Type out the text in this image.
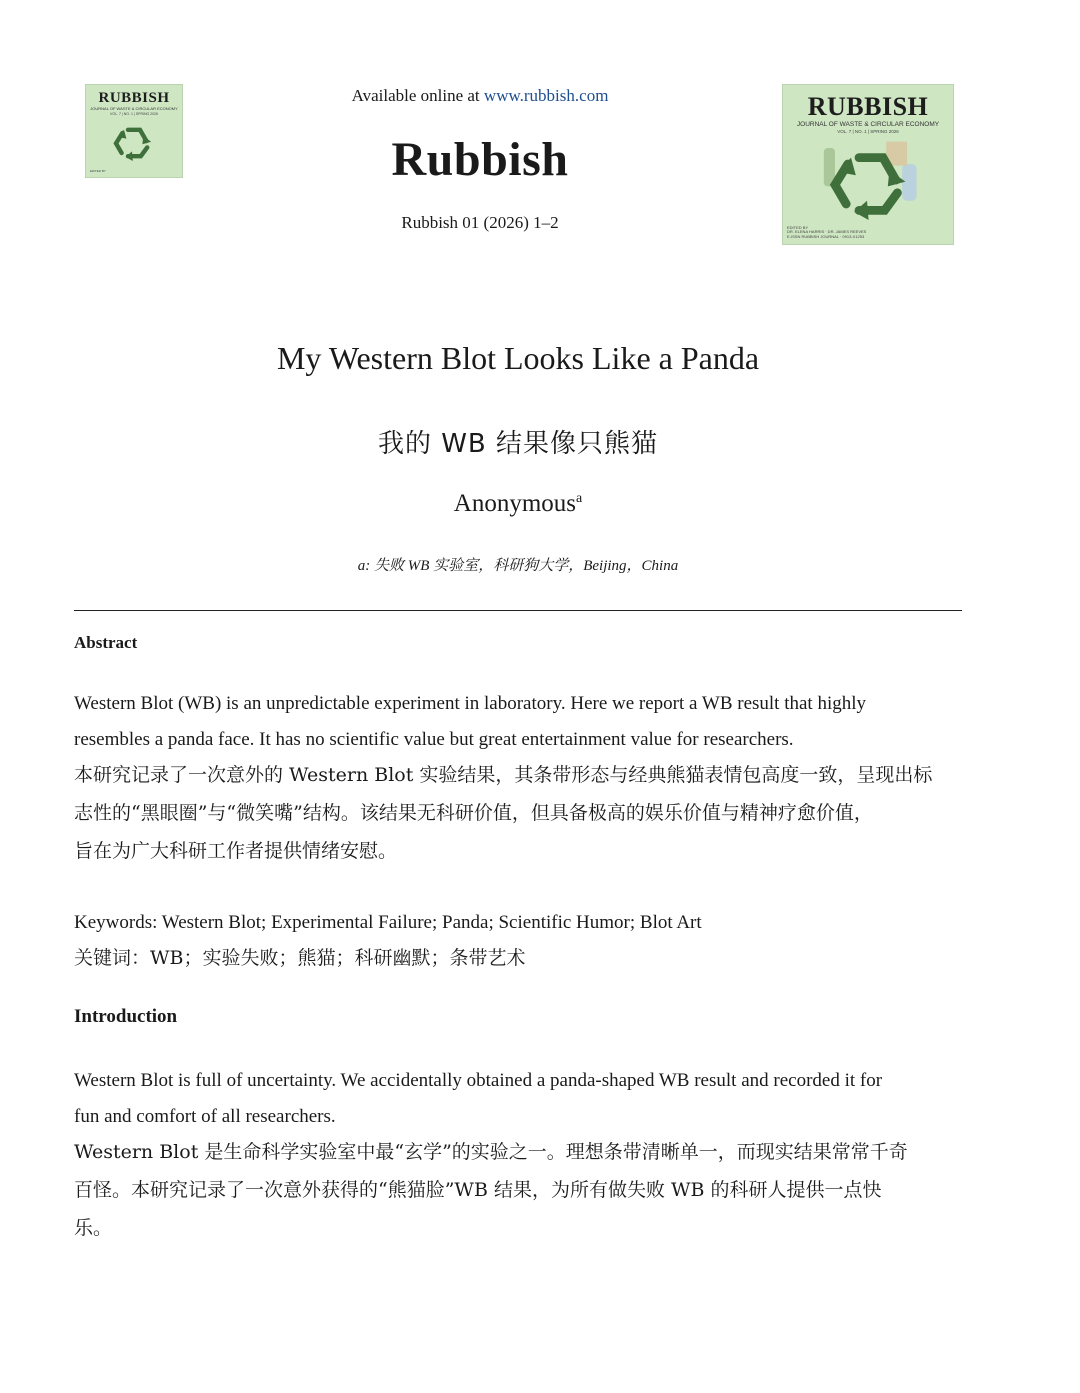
RUBBISH
JOURNAL OF WASTE & CIRCULAR ECONOMY
VOL. 7 | NO. 1 | SPRING 2026
EDITED BY
Available online at www.rubbish.com
Rubbish
Rubbish 01 (2026) 1–2
RUBBISH
JOURNAL OF WASTE & CIRCULAR ECONOMY
VOL. 7 | NO. 1 | SPRING 2026
EDITED BY
DR. ELENA HARRIS · DR. JAMES REEVES
E-ISSN RUBBISH JOURNAL · 0913-X1253
My Western Blot Looks Like a Panda
我的 WB 结果像只熊猫
Anonymous$^a$
a: 失败 WB 实验室，科研狗大学，Beijing，China
Abstract

Western Blot (WB) is an unpredictable experiment in laboratory. Here we report a WB result that highly
resembles a panda face. It has no scientific value but great entertainment value for researchers.

本研究记录了一次意外的 Western Blot 实验结果，其条带形态与经典熊猫表情包高度一致，呈现出标
志性的“黑眼圈”与“微笑嘴”结构。该结果无科研价值，但具备极高的娱乐价值与精神疗愈价值，
旨在为广大科研工作者提供情绪安慰。

Keywords: Western Blot; Experimental Failure; Panda; Scientific Humor; Blot Art

关键词：WB；实验失败；熊猫；科研幽默；条带艺术

Introduction

Western Blot is full of uncertainty. We accidentally obtained a panda-shaped WB result and recorded it for
fun and comfort of all researchers.

Western Blot 是生命科学实验室中最“玄学”的实验之一。理想条带清晰单一，而现实结果常常千奇
百怪。本研究记录了一次意外获得的“熊猫脸”WB 结果，为所有做失败 WB 的科研人提供一点快
乐。
